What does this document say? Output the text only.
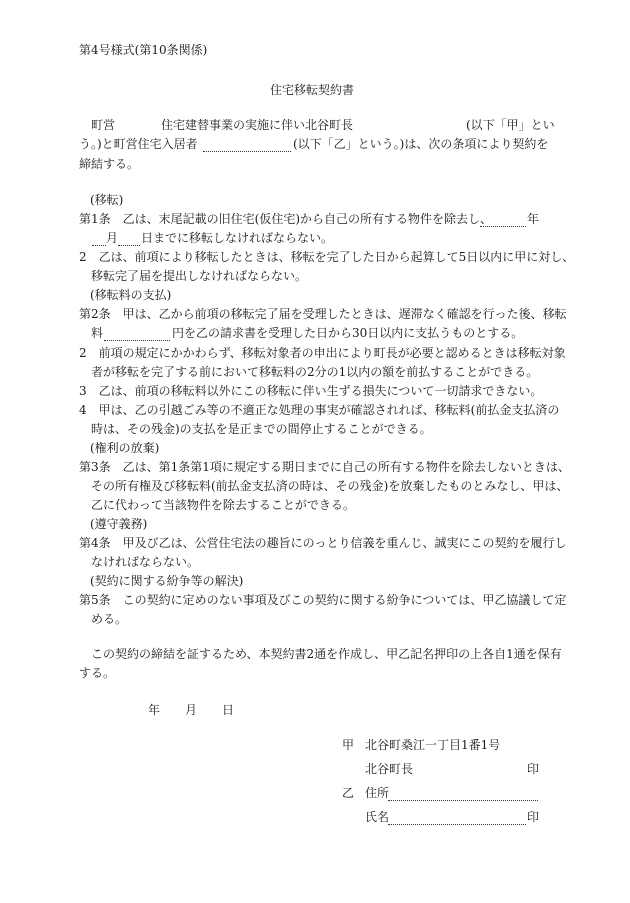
第4号様式(第10条関係)
住宅移転契約書
町営	住宅建替事業の実施に伴い北谷町長	(以下「甲」とい
う。)と町営住宅入居者	(以下「乙」という。)は、次の条項により契約を
締結する。
(移転)
第1条　乙は、末尾記載の旧住宅(仮住宅)から自己の所有する物件を除去し、	年
月 日までに移転しなければならない。
2　乙は、前項により移転したときは、移転を完了した日から起算して5日以内に甲に対し、
移転完了届を提出しなければならない。
(移転料の支払)
第2条　甲は、乙から前項の移転完了届を受理したときは、遅滞なく確認を行った後、移転
料	円を乙の請求書を受理した日から30日以内に支払うものとする。
2　前項の規定にかかわらず、移転対象者の申出により町長が必要と認めるときは移転対象
者が移転を完了する前において移転料の2分の1以内の額を前払することができる。
3　乙は、前項の移転料以外にこの移転に伴い生ずる損失について一切請求できない。
4　甲は、乙の引越ごみ等の不適正な処理の事実が確認されれば、移転料(前払金支払済の
時は、その残金)の支払を是正までの間停止することができる。
(権利の放棄)
第3条　乙は、第1条第1項に規定する期日までに自己の所有する物件を除去しないときは、
その所有権及び移転料(前払金支払済の時は、その残金)を放棄したものとみなし、甲は、
乙に代わって当該物件を除去することができる。
(遵守義務)
第4条　甲及び乙は、公営住宅法の趣旨にのっとり信義を重んじ、誠実にこの契約を履行し
なければならない。
(契約に関する紛争等の解決)
第5条　この契約に定めのない事項及びこの契約に関する紛争については、甲乙協議して定
める。
この契約の締結を証するため、本契約書2通を作成し、甲乙記名押印の上各自1通を保有
する。
年 月 日
甲 北谷町桑江一丁目1番1号
北谷町長	印
乙 住所
氏名	印
